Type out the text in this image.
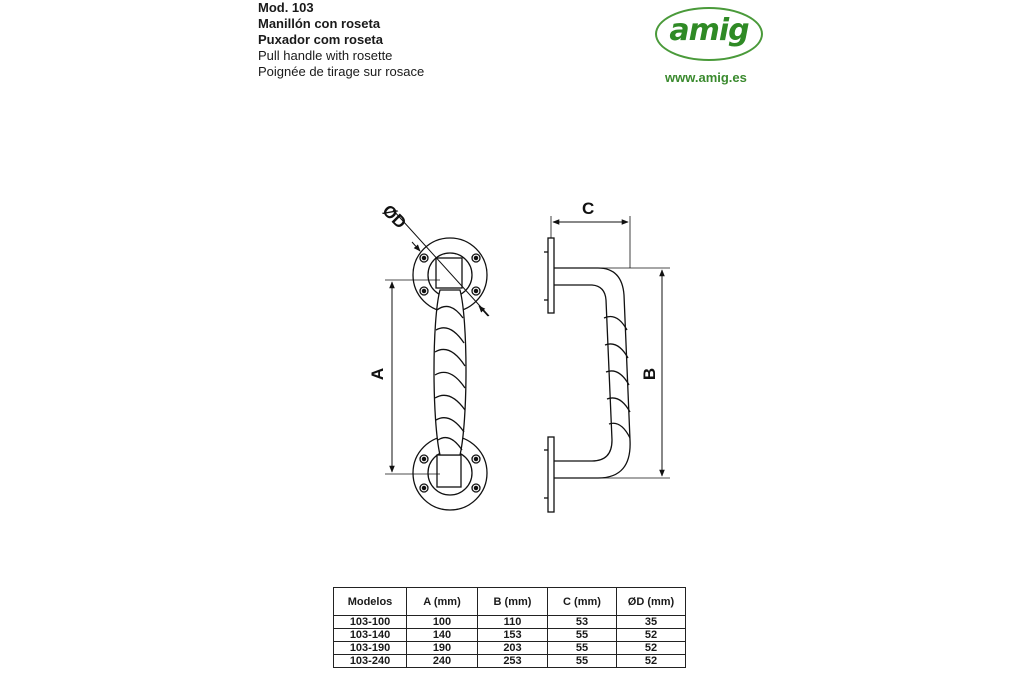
Mod. 103
Manillón con roseta
Puxador com roseta
Pull handle with rosette
Poignée de tirage sur rosace
amig
www.amig.es
ØD
A
C
B
Modelos	A (mm)	B (mm)	C (mm)	ØD (mm)
103-100	100	110	53	35
103-140	140	153	55	52
103-190	190	203	55	52
103-240	240	253	55	52
